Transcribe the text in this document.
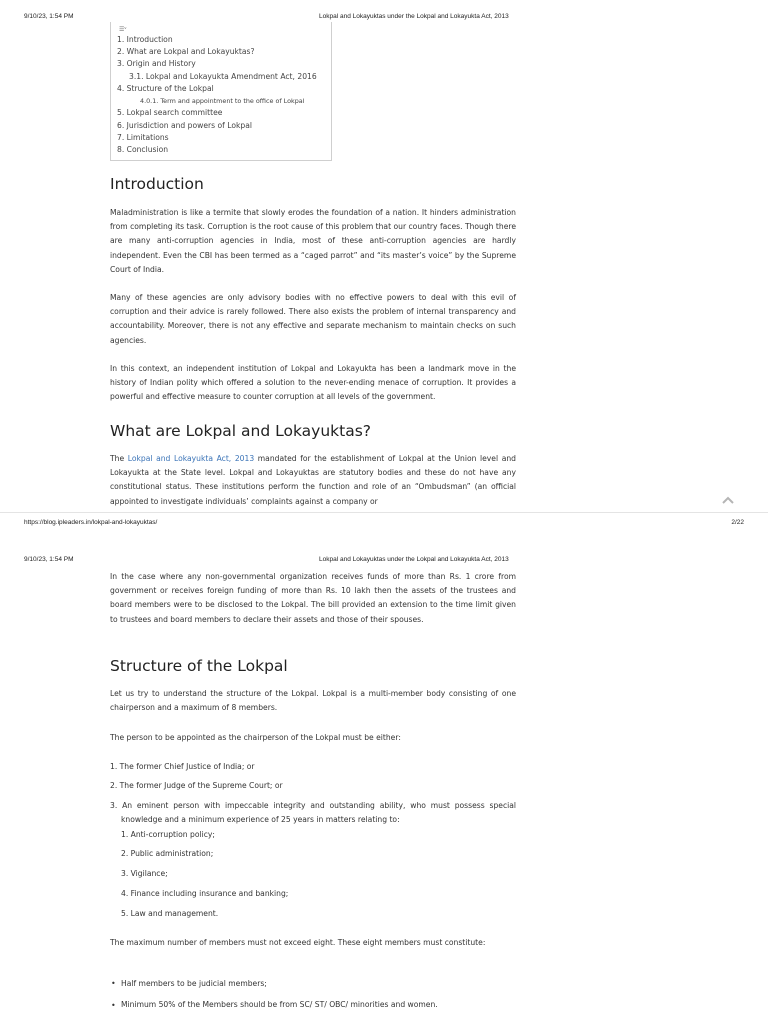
9/10/23, 1:54 PM	Lokpal and Lokayuktas under the Lokpal and Lokayukta Act, 2013
☰ ᵛ
1. Introduction
2. What are Lokpal and Lokayuktas?
3. Origin and History
3.1. Lokpal and Lokayukta Amendment Act, 2016
4. Structure of the Lokpal
4.0.1. Term and appointment to the office of Lokpal
5. Lokpal search committee
6. Jurisdiction and powers of Lokpal
7. Limitations
8. Conclusion
Introduction
Maladministration is like a termite that slowly erodes the foundation of a nation. It hinders administration from completing its task. Corruption is the root cause of this problem that our country faces. Though there are many anti-corruption agencies in India, most of these anti-corruption agencies are hardly independent. Even the CBI has been termed as a “caged parrot” and “its master’s voice” by the Supreme Court of India.
Many of these agencies are only advisory bodies with no effective powers to deal with this evil of corruption and their advice is rarely followed. There also exists the problem of internal transparency and accountability. Moreover, there is not any effective and separate mechanism to maintain checks on such agencies.
In this context, an independent institution of Lokpal and Lokayukta has been a landmark move in the history of Indian polity which offered a solution to the never-ending menace of corruption. It provides a powerful and effective measure to counter corruption at all levels of the government.
What are Lokpal and Lokayuktas?
The Lokpal and Lokayukta Act, 2013 mandated for the establishment of Lokpal at the Union level and Lokayukta at the State level. Lokpal and Lokayuktas are statutory bodies and these do not have any constitutional status. These institutions perform the function and role of an “Ombudsman” (an official appointed to investigate individuals’ complaints against a company or
https://blog.ipleaders.in/lokpal-and-lokayuktas/	2/22
9/10/23, 1:54 PM	Lokpal and Lokayuktas under the Lokpal and Lokayukta Act, 2013
In the case where any non-governmental organization receives funds of more than Rs. 1 crore from government or receives foreign funding of more than Rs. 10 lakh then the assets of the trustees and board members were to be disclosed to the Lokpal. The bill provided an extension to the time limit given to trustees and board members to declare their assets and those of their spouses.
Structure of the Lokpal
Let us try to understand the structure of the Lokpal. Lokpal is a multi-member body consisting of one chairperson and a maximum of 8 members.
The person to be appointed as the chairperson of the Lokpal must be either:
1. The former Chief Justice of India; or
2. The former Judge of the Supreme Court; or
3. An eminent person with impeccable integrity and outstanding ability, who must possess special knowledge and a minimum experience of 25 years in matters relating to:
1. Anti-corruption policy;
2. Public administration;
3. Vigilance;
4. Finance including insurance and banking;
5. Law and management.
The maximum number of members must not exceed eight. These eight members must constitute:
• Half members to be judicial members;
• Minimum 50% of the Members should be from SC/ ST/ OBC/ minorities and women.
